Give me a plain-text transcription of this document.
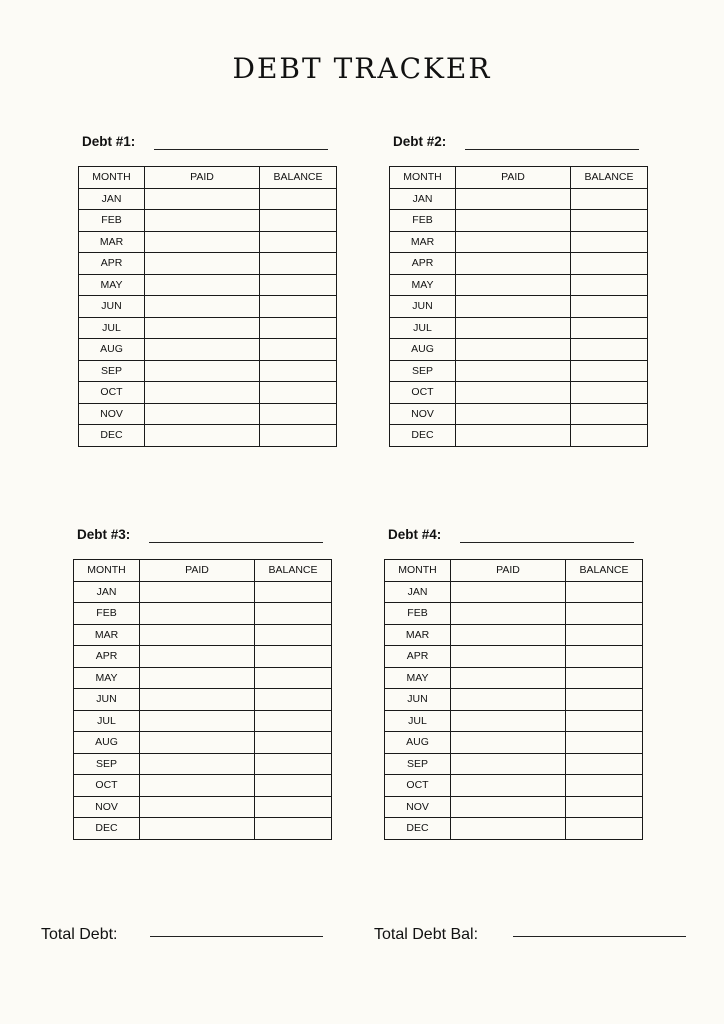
DEBT TRACKER
Debt #1:
MONTH	PAID	BALANCE
JAN		
FEB		
MAR		
APR		
MAY		
JUN		
JUL		
AUG		
SEP		
OCT		
NOV		
DEC		
Debt #2:
MONTH	PAID	BALANCE
JAN		
FEB		
MAR		
APR		
MAY		
JUN		
JUL		
AUG		
SEP		
OCT		
NOV		
DEC		
Debt #3:
MONTH	PAID	BALANCE
JAN		
FEB		
MAR		
APR		
MAY		
JUN		
JUL		
AUG		
SEP		
OCT		
NOV		
DEC		
Debt #4:
MONTH	PAID	BALANCE
JAN		
FEB		
MAR		
APR		
MAY		
JUN		
JUL		
AUG		
SEP		
OCT		
NOV		
DEC		
Total Debt:	Total Debt Bal:
